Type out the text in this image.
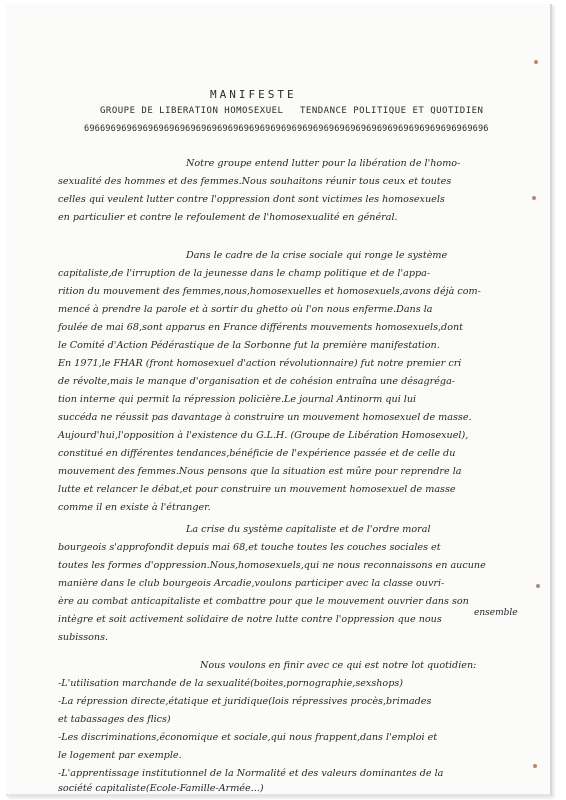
MANIFESTE
GROUPE DE LIBERATION HOMOSEXUEL TENDANCE POLITIQUE ET QUOTIDIEN
6966969696969696969696969696969696969696969696969696969696969696969696969696
Notre groupe entend lutter pour la libération de l'homo-
sexualité des hommes et des femmes.Nous souhaitons réunir tous ceux et toutes
celles qui veulent lutter contre l'oppression dont sont victimes les homosexuels
en particulier et contre le refoulement de l'homosexualité en général.
Dans le cadre de la crise sociale qui ronge le système
capitaliste,de l'irruption de la jeunesse dans le champ politique et de l'appa-
rition du mouvement des femmes,nous,homosexuelles et homosexuels,avons déjà com-
mencé à prendre la parole et à sortir du ghetto où l'on nous enferme.Dans la
foulée de mai 68,sont apparus en France différents mouvements homosexuels,dont
le Comité d'Action Pédérastique de la Sorbonne fut la première manifestation.
En 1971,le FHAR (front homosexuel d'action révolutionnaire) fut notre premier cri
de révolte,mais le manque d'organisation et de cohésion entraîna une désagréga-
tion interne qui permit la répression policière.Le journal Antinorm qui lui
succéda ne réussit pas davantage à construire un mouvement homosexuel de masse.
Aujourd'hui,l'opposition à l'existence du G.L.H. (Groupe de Libération Homosexuel),
constitué en différentes tendances,bénéficie de l'expérience passée et de celle du
mouvement des femmes.Nous pensons que la situation est mûre pour reprendre la
lutte et relancer le débat,et pour construire un mouvement homosexuel de masse
comme il en existe à l'étranger.
La crise du système capitaliste et de l'ordre moral
bourgeois s'approfondit depuis mai 68,et touche toutes les couches sociales et
toutes les formes d'oppression.Nous,homosexuels,qui ne nous reconnaissons en aucune
manière dans le club bourgeois Arcadie,voulons participer avec la classe ouvri-
ère au combat anticapitaliste et combattre pour que le mouvement ouvrier dans son
intègre et soit activement solidaire de notre lutte contre l'oppression que nous
subissons.
ensemble
Nous voulons en finir avec ce qui est notre lot quotidien:
-L'utilisation marchande de la sexualité(boites,pornographie,sexshops)
-La répression directe,étatique et juridique(lois répressives procès,brimades
et tabassages des flics)
-Les discriminations,économique et sociale,qui nous frappent,dans l'emploi et
le logement par exemple.
-L'apprentissage institutionnel de la Normalité et des valeurs dominantes de la
société capitaliste(Ecole-Famille-Armée...)
